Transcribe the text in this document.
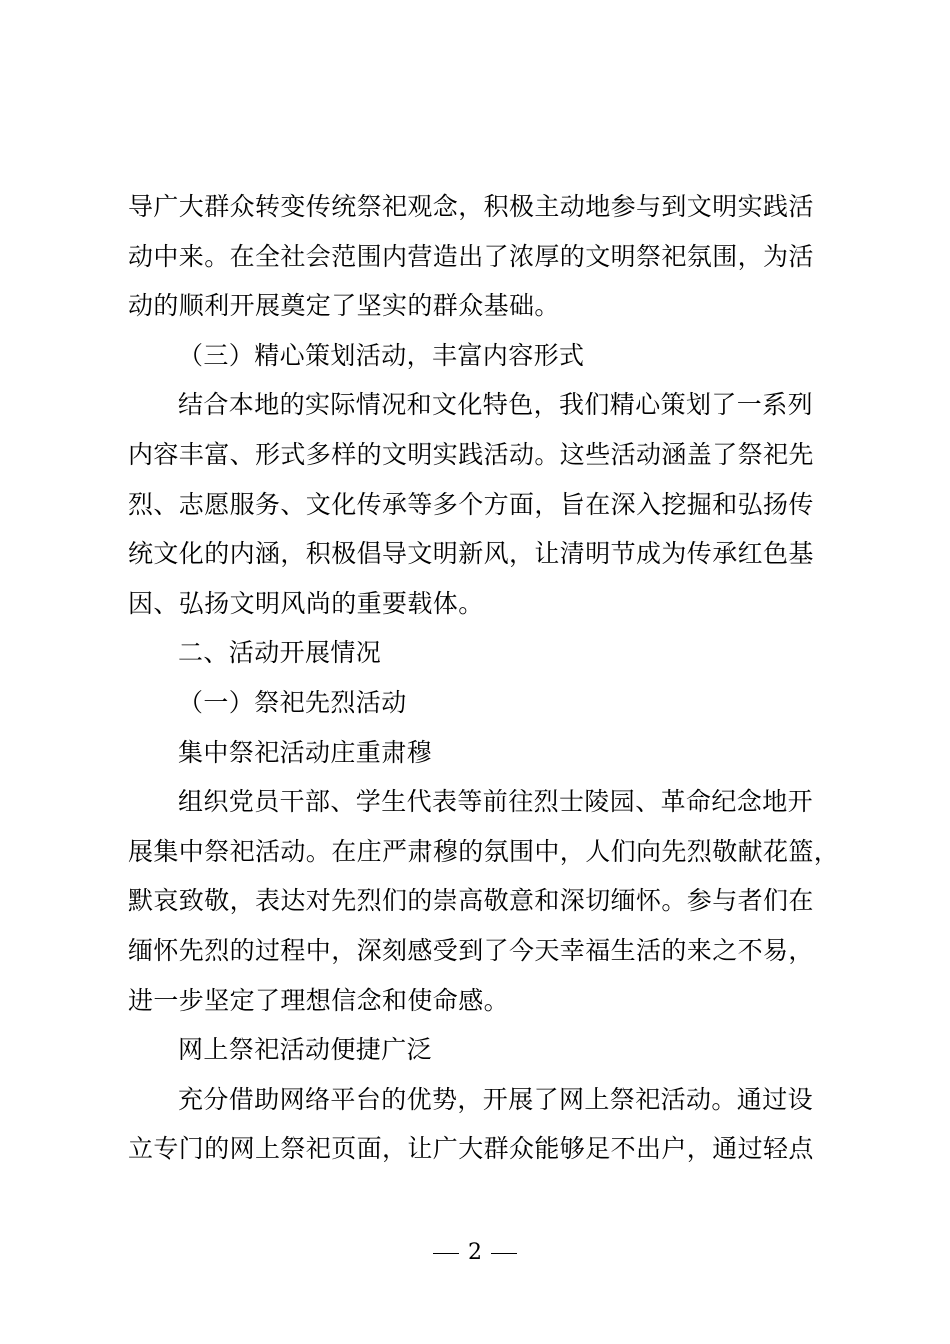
导广大群众转变传统祭祀观念，积极主动地参与到文明实践活
动中来。在全社会范围内营造出了浓厚的文明祭祀氛围，为活
动的顺利开展奠定了坚实的群众基础。
（三）精心策划活动，丰富内容形式
结合本地的实际情况和文化特色，我们精心策划了一系列
内容丰富、形式多样的文明实践活动。这些活动涵盖了祭祀先
烈、志愿服务、文化传承等多个方面，旨在深入挖掘和弘扬传
统文化的内涵，积极倡导文明新风，让清明节成为传承红色基
因、弘扬文明风尚的重要载体。
二、活动开展情况
（一）祭祀先烈活动
集中祭祀活动庄重肃穆
组织党员干部、学生代表等前往烈士陵园、革命纪念地开
展集中祭祀活动。在庄严肃穆的氛围中，人们向先烈敬献花篮，
默哀致敬，表达对先烈们的崇高敬意和深切缅怀。参与者们在
缅怀先烈的过程中，深刻感受到了今天幸福生活的来之不易，
进一步坚定了理想信念和使命感。
网上祭祀活动便捷广泛
充分借助网络平台的优势，开展了网上祭祀活动。通过设
立专门的网上祭祀页面，让广大群众能够足不出户，通过轻点
2
